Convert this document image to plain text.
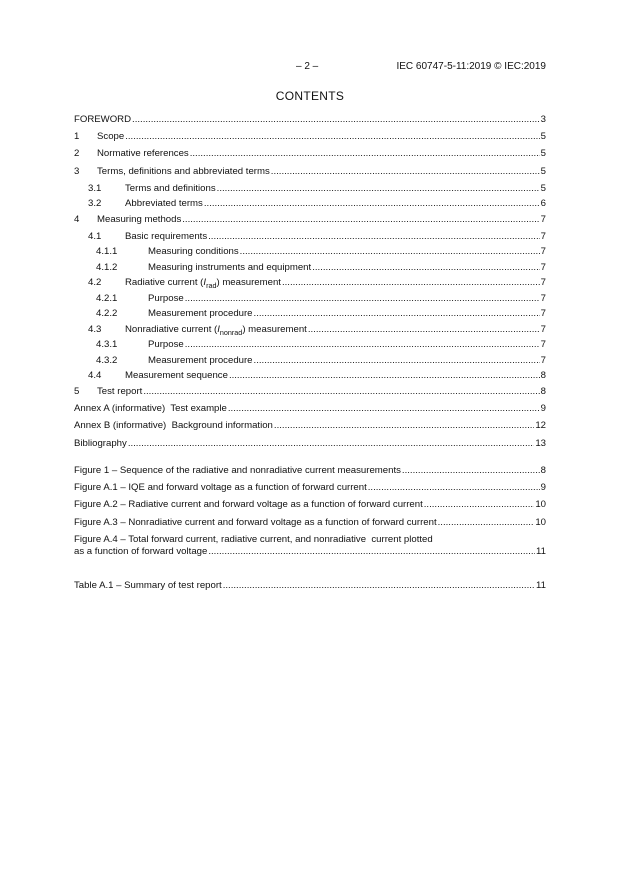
– 2 –	IEC 60747-5-11:2019 © IEC:2019
CONTENTS
FOREWORD .....	3
1	Scope .....	5
2	Normative references .....	5
3	Terms, definitions and abbreviated terms .....	5
3.1	Terms and definitions .....	5
3.2	Abbreviated terms .....	6
4	Measuring methods .....	7
4.1	Basic requirements .....	7
4.1.1	Measuring conditions .....	7
4.1.2	Measuring instruments and equipment .....	7
4.2	Radiative current $(I_{rad})$ measurement .....	7
4.2.1	Purpose .....	7
4.2.2	Measurement procedure .....	7
4.3	Nonradiative current $(I_{nonrad})$ measurement .....	7
4.3.1	Purpose .....	7
4.3.2	Measurement procedure .....	7
4.4	Measurement sequence .....	8
5	Test report .....	8
Annex A (informative)  Test example .....	9
Annex B (informative)  Background information .....	12
Bibliography .....	13
Figure 1 – Sequence of the radiative and nonradiative current measurements .....	8
Figure A.1 – IQE and forward voltage as a function of forward current .....	9
Figure A.2 – Radiative current and forward voltage as a function of forward current .....	10
Figure A.3 – Nonradiative current and forward voltage as a function of forward current .....	10
Figure A.4 – Total forward current, radiative current, and nonradiative  current plotted
as a function of forward voltage .....	11
Table A.1 – Summary of test report .....	11
